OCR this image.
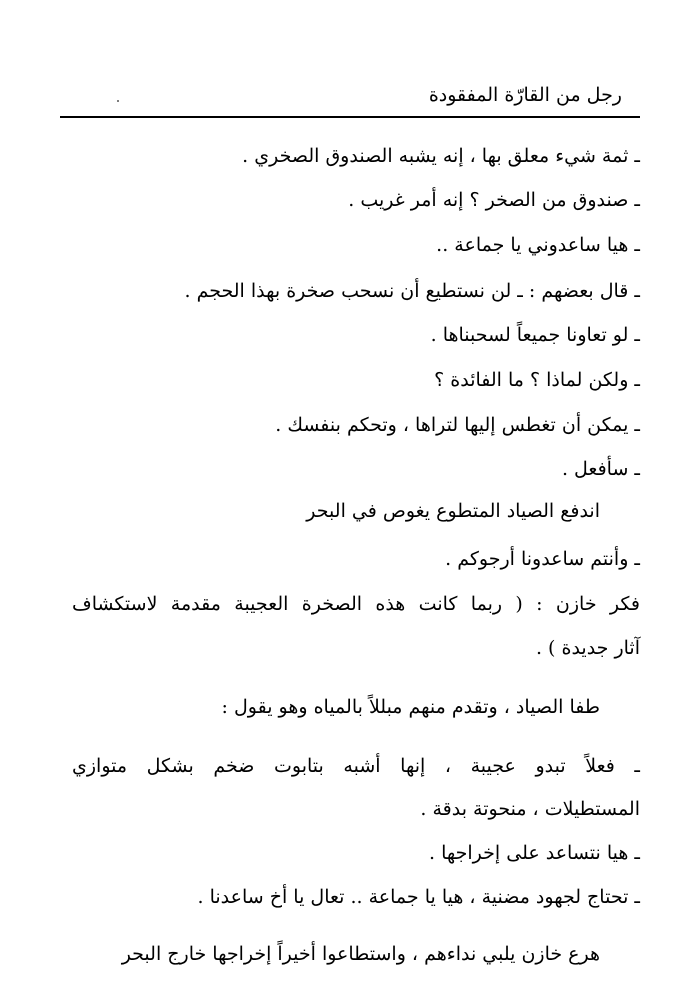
رجل من القارّة المفقودة
ـ ثمة شيء معلق بها ، إنه يشبه الصندوق الصخري .
ـ صندوق من الصخر ؟ إنه أمر غريب .
ـ هيا ساعدوني يا جماعة ..
ـ قال بعضهم : ـ لن نستطيع أن نسحب صخرة بهذا الحجم .
ـ لو تعاونا جميعاً لسحبناها .
ـ ولكن لماذا ؟ ما الفائدة ؟
ـ يمكن أن تغطس إليها لتراها ، وتحكم بنفسك .
ـ سأفعل .
اندفع الصياد المتطوع يغوص في البحر
ـ وأنتم ساعدونا أرجوكم .
فكر خازن : ( ربما كانت هذه الصخرة العجيبة مقدمة لاستكشاف
آثار جديدة ) .
طفا الصياد ، وتقدم منهم مبللاً بالمياه وهو يقول :
ـ فعلاً تبدو عجيبة ، إنها أشبه بتابوت ضخم بشكل متوازي
المستطيلات ، منحوتة بدقة .
ـ هيا نتساعد على إخراجها .
ـ تحتاج لجهود مضنية ، هيا يا جماعة .. تعال يا أخ ساعدنا .
هرع خازن يلبي نداءهم ، واستطاعوا أخيراً إخراجها خارج البحر
